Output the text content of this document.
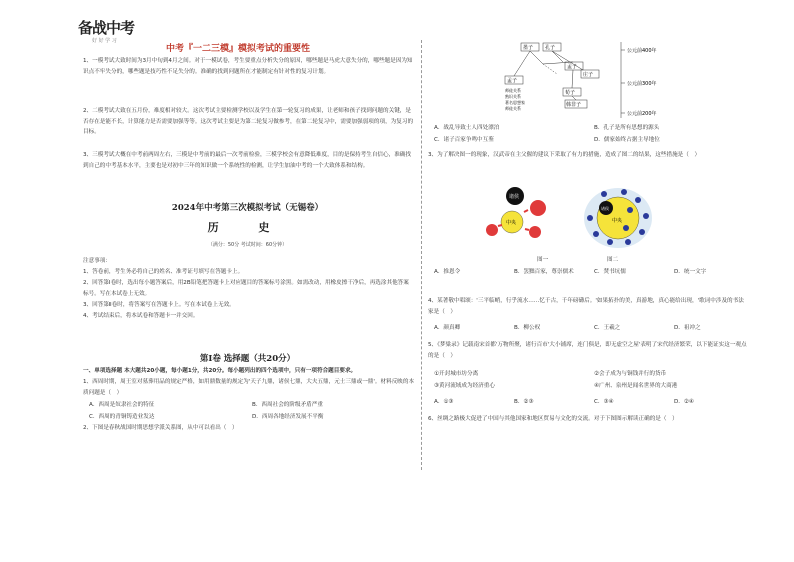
备战中考
好 好 学 习
中考『一二三模』模拟考试的重要性
1、一模考试大致时间为3月中旬到4月之间。对于一模试卷，考生要重点分析失分的原因，哪些题是马虎大意失分的，哪些题是因为知识点不牢失分的，哪些题是技巧性不足失分的。准确的找到问题所在才能制定有针对性的复习计划。
2、二模考试大致在五月份，难度相对较大。这次考试主要检测学校以及学生在第一轮复习的成果，让老师和孩子找到问题的关键，是否存在是能不长，计算能力是否需要加强等等。这次考试主要是为第二轮复习做参考，在第二轮复习中，需要加强弱项的项，为复习的目标。
3、三模考试大概在中考前两周左右，三模是中考前的最后一次考前检验，三模学校会有意降低难度，目的是保持考生自信心，准确找到自己的中考基本水平，主要也是对初中三年的知识做一个系统性的检测，让学生加油中考的一个大致体系和结构。
2024年中考第三次模拟考试（无锡卷）
历 史
（满分：50分 考试时间：60分钟）
注意事项：
1、答卷前，考生务必将自己的姓名、准考证号填写在答题卡上。
2、回答第Ⅰ卷时，选出每小题答案后，用2B铅笔把答题卡上对应题目的答案标号涂黑。如需改动，用橡皮擦干净后，再选涂其他答案标号。写在本试卷上无效。
3、回答第Ⅱ卷时，将答案写在答题卡上。写在本试卷上无效。
4、考试结束后，将本试卷和答题卡一并交回。
第Ⅰ卷 选择题（共20分）
一、单项选择题 本大题共20小题，每小题1分，共20分。每小题列出的四个选项中，只有一项符合题目要求。
1、西周时期，周王室对墓葬用品的规定严格，如用鼎数量的规定为'天子九鼎，诸侯七鼎，大夫五鼎，元士三鼎或一鼎'。材料反映的本质问题是（　）
A．西周是奴隶社会的特征	B．西周社会的阶级矛盾严重
C．西周的青铜铸造业发达	D．西周各地经济发展不平衡
2、下图是春秋战国时期思想学派关系图，从中可以看出（　）
墨子 孔子
孟子
庄子
孟子
荀子
韩非子
师徒关系
熟识关系
著名思想家
师徒关系
公元前400年
公元前300年
公元前200年
A．战乱导致士人四处漂泊	B．孔子是所有思想的源头
C．诸子百家争鸣中互鉴	D．儒家始终占据主导地位
3、为了解决图一的现象，汉武帝在主父偃的建议下采取了有力的措施，造成了图二的结果，这些措施是（　）
诸侯
中央	中央
诸侯
图一	图二
A．推恩令	B．罢黜百家，尊崇儒术	C．焚书坑儒	D．统一文字
4、某著敬中唱颂：'三平临峭，行乎流水……忆千古，千年磅礴后。'如果拓扑的美，真游地，真心能给出现，'歌词中涉及的书法家是（　）
A．颜真卿	B．柳公权	C．王羲之	D．祖冲之
5、《梦粱录》记载南宋首都'万物所聚，诸行百市'大小铺席，连门俱是，即无虚空之屋'表明了宋代经济繁荣，以下能证实这一观点的是（　）
①开封城市坊分离	②会子成为与铜钱并行的货币
③黄河流域成为经济重心	④广州、泉州是闻名世界的大商港
A．①③	B．②③	C．③④	D．②④
6、丝绸之路极大促进了中国与其他国家和地区贸易与文化的交流。对于下图图示解读正确的是（　）
